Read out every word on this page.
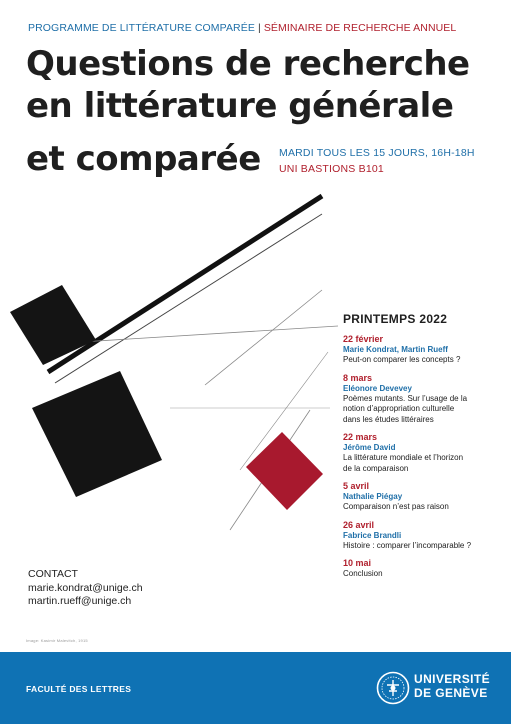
PROGRAMME DE LITTÉRATURE COMPARÉE | SÉMINAIRE DE RECHERCHE ANNUEL
Questions de recherche
en littérature générale
et comparée MARDI TOUS LES 15 JOURS, 16H-18H
UNI BASTIONS B101
PRINTEMPS 2022
22 février
Marie Kondrat, Martin Rueff
Peut-on comparer les concepts ?
8 mars
Eléonore Devevey
Poèmes mutants. Sur l’usage de la
notion d’appropriation culturelle
dans les études littéraires
22 mars
Jérôme David
La littérature mondiale et l’horizon
de la comparaison
5 avril
Nathalie Piégay
Comparaison n’est pas raison
26 avril
Fabrice Brandli
Histoire : comparer l’incomparable ?
10 mai
Conclusion
CONTACT
marie.kondrat@unige.ch
martin.rueff@unige.ch
Image: Kasimir Malevitch, 1915
FACULTÉ DES LETTRES
UNIVERSITÉ
DE GENÈVE
